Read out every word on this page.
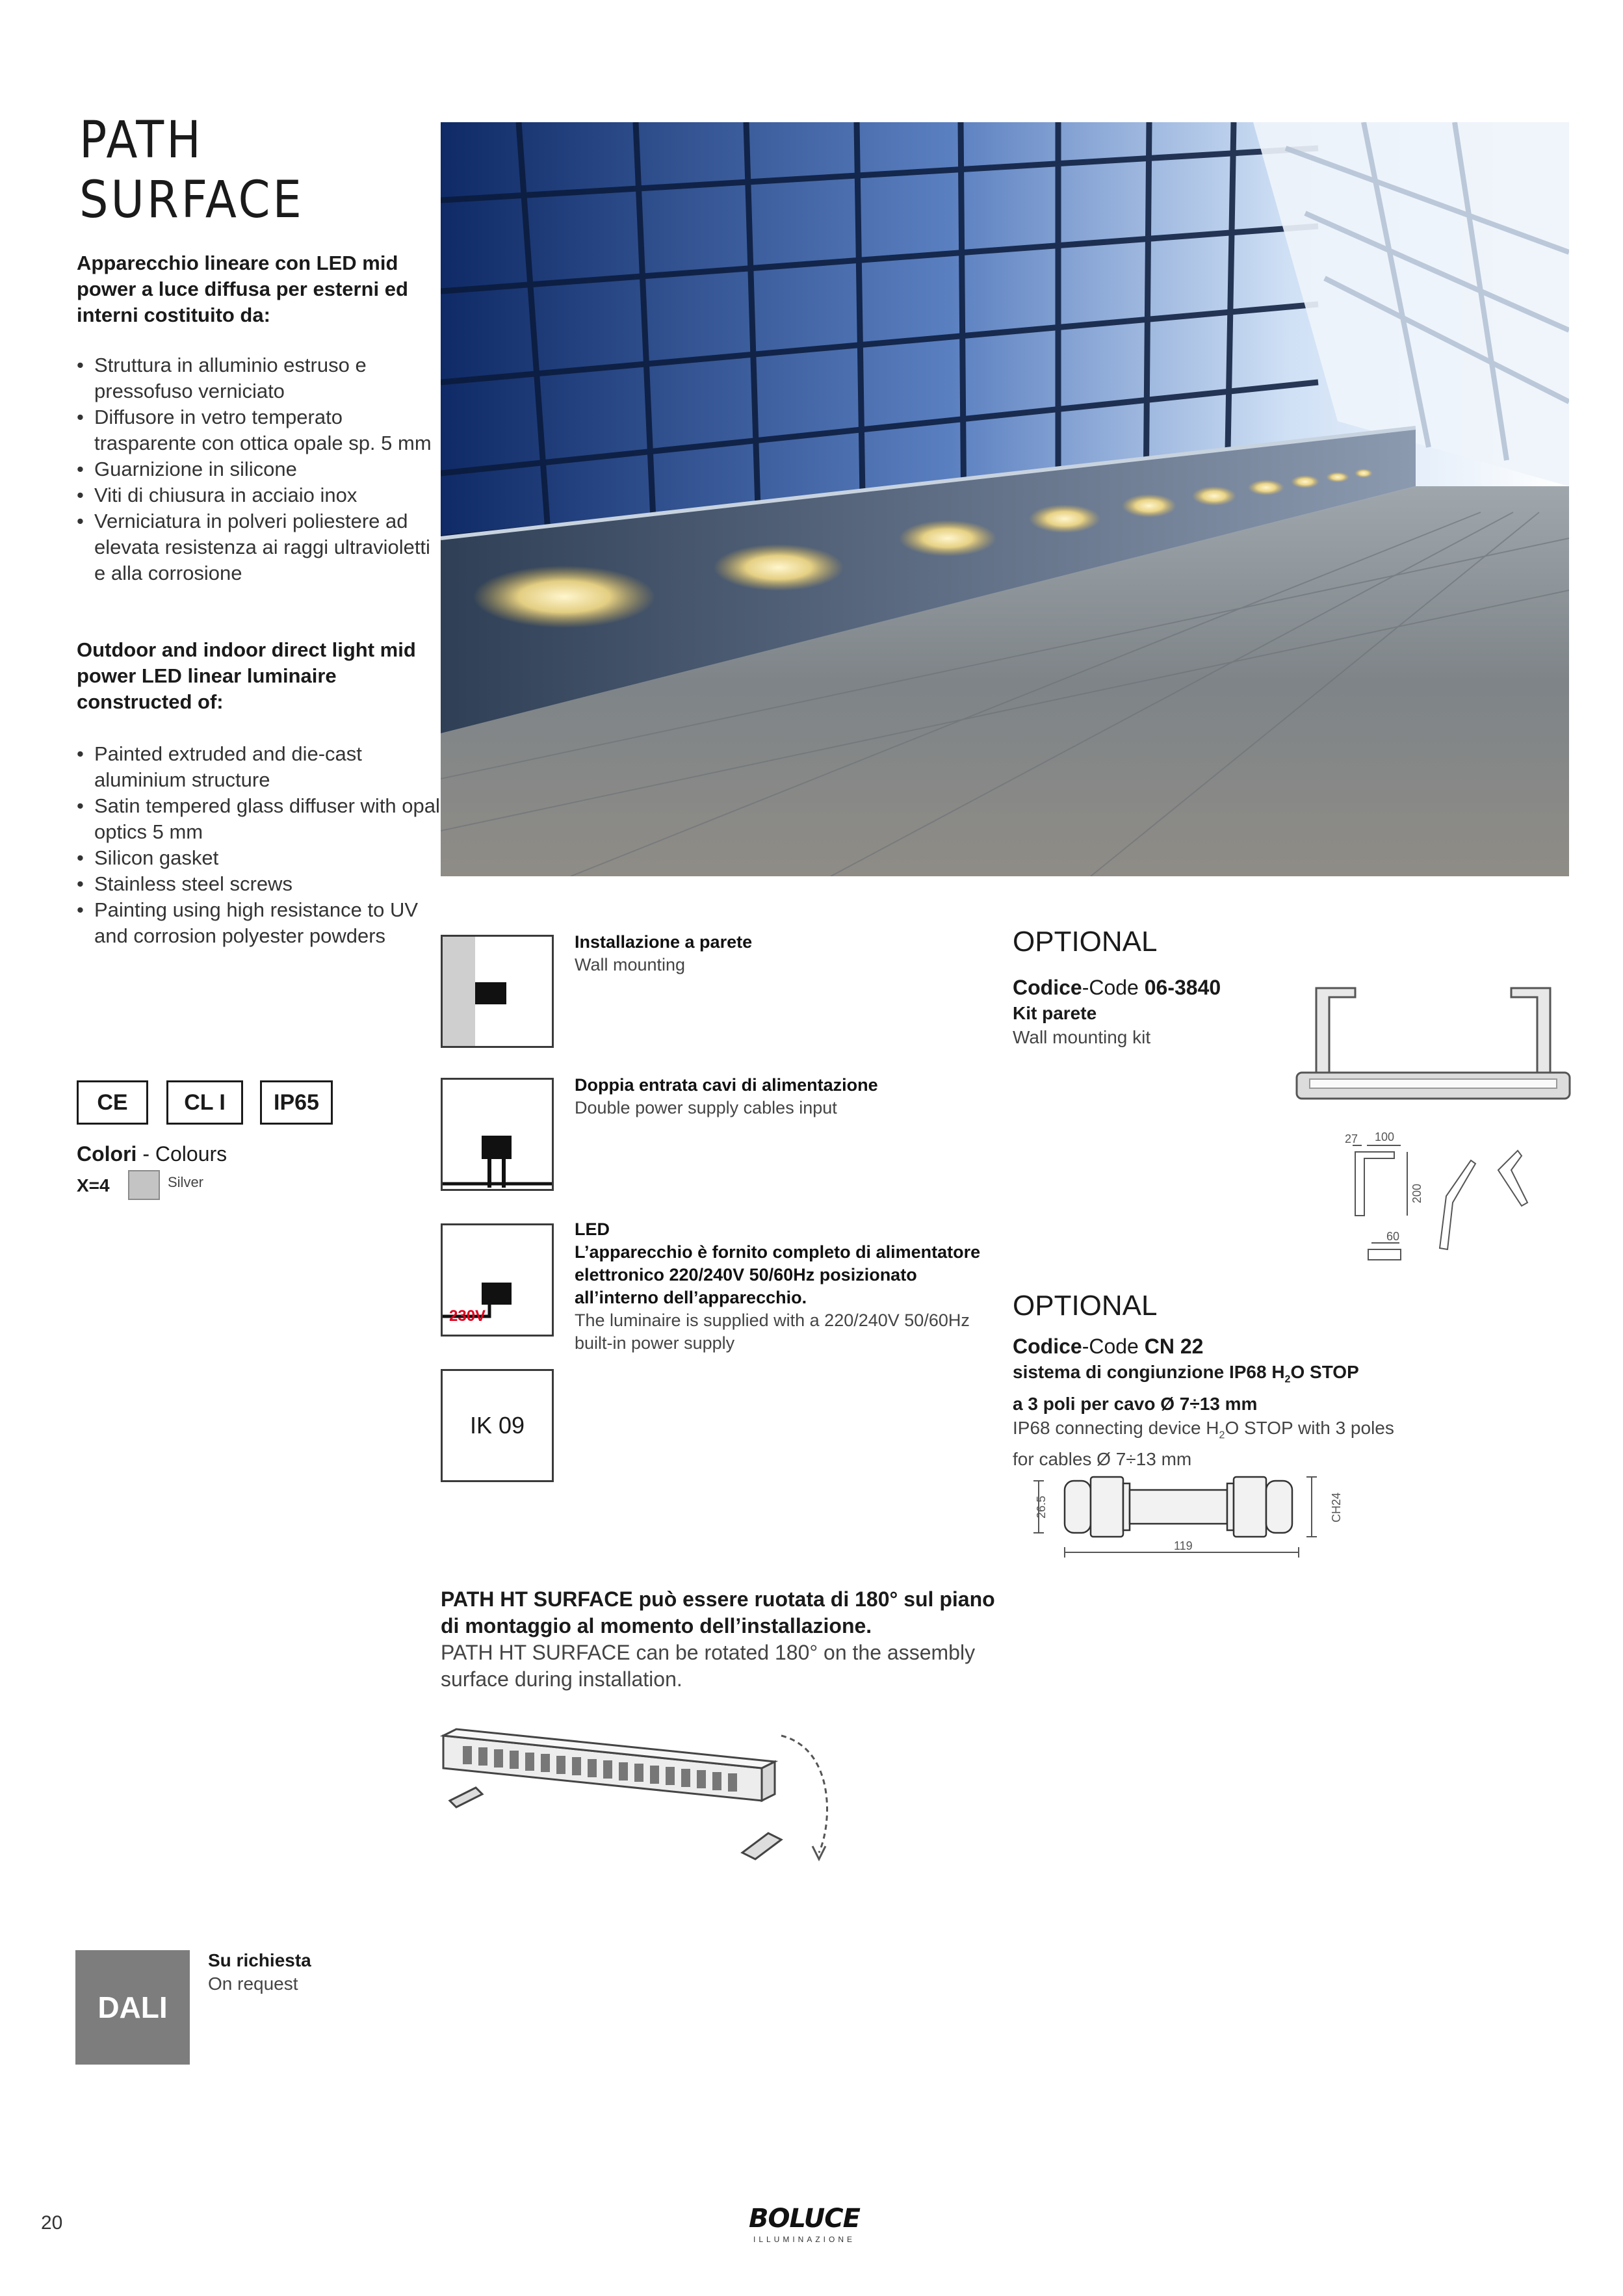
PATH
SURFACE
Apparecchio lineare con LED mid power a luce diffusa per esterni ed interni costituito da:
• Struttura in alluminio estruso e pressofuso verniciato
• Diffusore in vetro temperato trasparente con ottica opale sp. 5 mm
• Guarnizione in silicone
• Viti di chiusura in acciaio inox
• Verniciatura in polveri poliestere ad elevata resistenza ai raggi ultravioletti e alla corrosione
Outdoor and indoor direct light mid power LED linear luminaire constructed of:
• Painted extruded and die-cast aluminium structure
• Satin tempered glass diffuser with opal optics 5 mm
• Silicon gasket
• Stainless steel screws
• Painting using high resistance to UV and corrosion polyester powders
CE	CL I	IP65
Colori - Colours
X=4	Silver
Installazione a parete
Wall mounting
Doppia entrata cavi di alimentazione
Double power supply cables input
230V
LED
L’apparecchio è fornito completo di alimentatore elettronico 220/240V 50/60Hz posizionato all’interno dell’apparecchio.
The luminaire is supplied with a 220/240V 50/60Hz built-in power supply
IK 09
OPTIONAL
Codice-Code 06-3840
Kit parete
Wall mounting kit
27 100
200
60
OPTIONAL
Codice-Code CN 22
sistema di congiunzione IP68 $H_2O$ STOP
a 3 poli per cavo Ø 7÷13 mm
IP68 connecting device $H_2O$ STOP with 3 poles
for cables Ø 7÷13 mm
26.5
119
CH24
PATH HT SURFACE può essere ruotata di 180° sul piano di montaggio al momento dell’installazione.
PATH HT SURFACE can be rotated 180° on the assembly surface during installation.
DALI
Su richiesta
On request
20	BOLUCE
ILLUMINAZIONE
